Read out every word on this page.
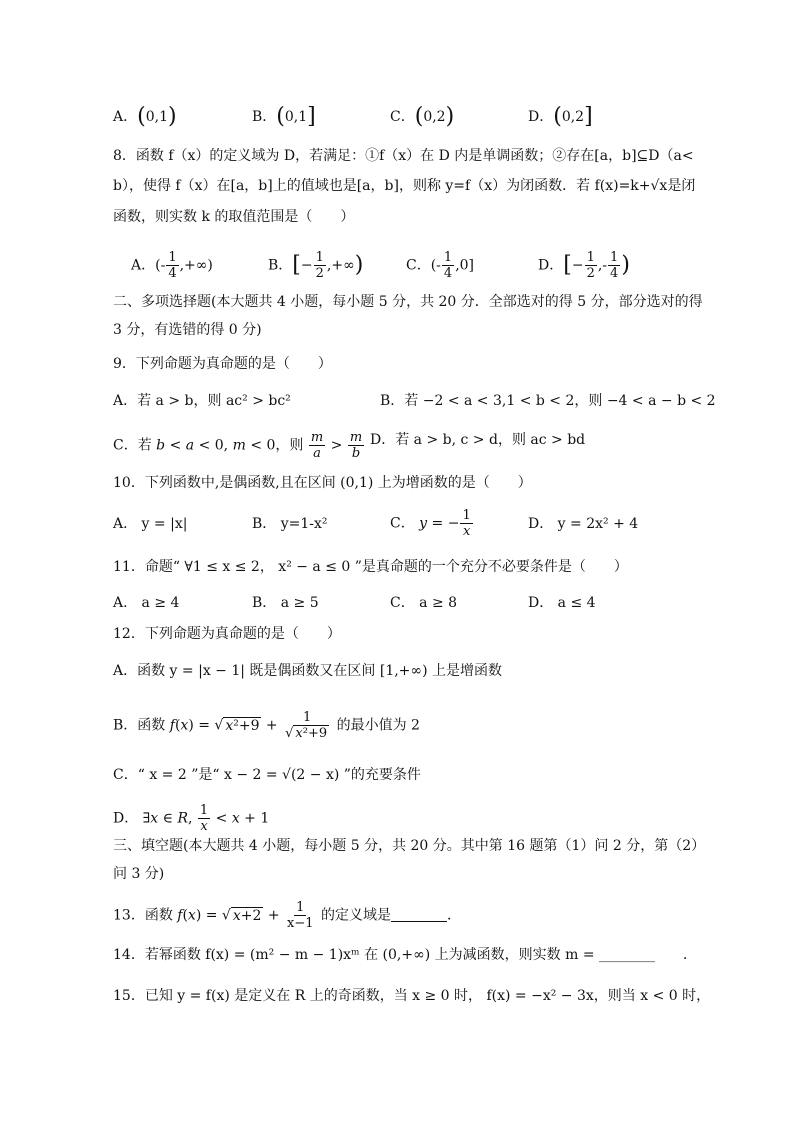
A．(0,1)	B．(0,1]	C．(0,2)	D．(0,2]
8．函数 f（x）的定义域为 D，若满足：①f（x）在 D 内是单调函数；②存在[a，b]⊆D（a<
b），使得 f（x）在[a，b]上的值域也是[a，b]，则称 y=f（x）为闭函数．若 f(x)=k+√x是闭
函数，则实数 k 的取值范围是（　　）
A．(- $\frac{1}{4}$ ,+∞)	B．[− $\frac{1}{2}$ ,+∞)	C．(- $\frac{1}{4} ,0$]	D．[− $\frac{1}{2}$ ,- $\frac{1}{4}$ )
二、多项选择题(本大题共 4 小题，每小题 5 分，共 20 分．全部选对的得 5 分，部分选对的得
3 分，有选错的得 0 分)
9．下列命题为真命题的是（　　）
A．若 a > b，则 ac² > bc²	B．若 −2 < a < 3,1 < b < 2，则 −4 < a − b < 2
C．若 b < a < 0, m < 0，则 $\frac{m}{a} > \frac{m}{b}$ D．若 a > b, c > d，则 ac > bd
10．下列函数中,是偶函数,且在区间 (0,1) 上为增函数的是（　　）
A． y = |x|	B． y=1-x²	C． y = − $\frac{1}{x}$	D． y = 2x² + 4
11．命题“ ∀1 ≤ x ≤ 2， x² − a ≤ 0 ”是真命题的一个充分不必要条件是（　　）
A． a ≥ 4	B． a ≥ 5	C． a ≥ 8	D． a ≤ 4
12．下列命题为真命题的是（　　）
A．函数 y = |x − 1| 既是偶函数又在区间 [1,+∞) 上是增函数
B．函数 f(x) = √ $x^2+9 + \frac{1}{\text{√ x²+9}}$ 的最小值为 2
C．“ x = 2 ”是“ x − 2 = √(2 − x) ”的充要条件
D． ∃x ∈ R, $\frac{1}{x} < x + 1$
三、填空题(本大题共 4 小题，每小题 5 分，共 20 分。其中第 16 题第（1）问 2 分，第（2）
问 3 分)
13．函数 f(x) = √ $x+2 + \frac{1}{x-1}$ 的定义域是　　　　	．
14．若幂函数 f(x) = (m² − m − 1)xᵐ 在 (0,+∞) 上为减函数，则实数 m = ________　　．
15．已知 y = f(x) 是定义在 R 上的奇函数，当 x ≥ 0 时， f(x) = −x² − 3x，则当 x < 0 时，
